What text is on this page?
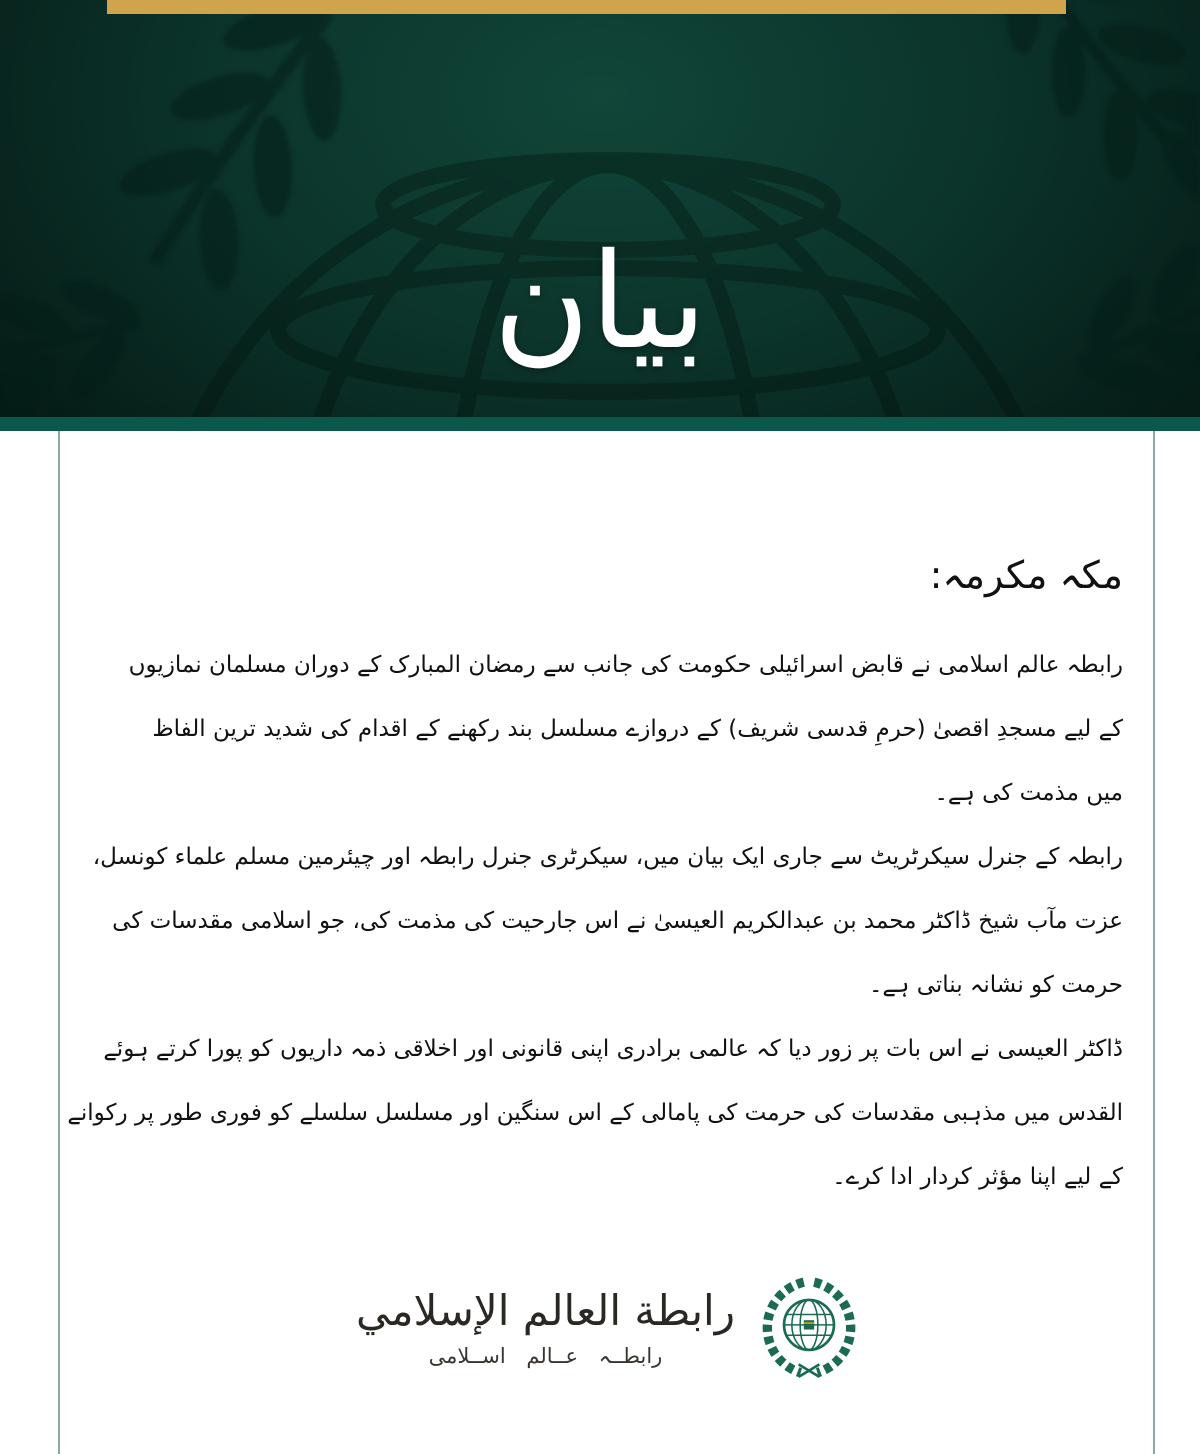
بیان
مکہ مکرمہ:
رابطہ عالم اسلامی نے قابض اسرائیلی حکومت کی جانب سے رمضان المبارک کے دوران مسلمان نمازیوں
کے لیے مسجدِ اقصیٰ (حرمِ قدسی شریف) کے دروازے مسلسل بند رکھنے کے اقدام کی شدید ترین الفاظ
میں مذمت کی ہے۔
رابطہ کے جنرل سیکرٹریٹ سے جاری ایک بیان میں، سیکرٹری جنرل رابطہ اور چیئرمین مسلم علماء کونسل،
عزت مآب شیخ ڈاکٹر محمد بن عبدالکریم العیسیٰ نے اس جارحیت کی مذمت کی، جو اسلامی مقدسات کی
حرمت کو نشانہ بناتی ہے۔
ڈاکٹر العیسی نے اس بات پر زور دیا کہ عالمی برادری اپنی قانونی اور اخلاقی ذمہ داریوں کو پورا کرتے ہوئے
القدس میں مذہبی مقدسات کی حرمت کی پامالی کے اس سنگین اور مسلسل سلسلے کو فوری طور پر رکوانے
کے لیے اپنا مؤثر کردار ادا کرے۔
رابطة العالم الإسلامي
رابطــہ عــالم اســلامی
